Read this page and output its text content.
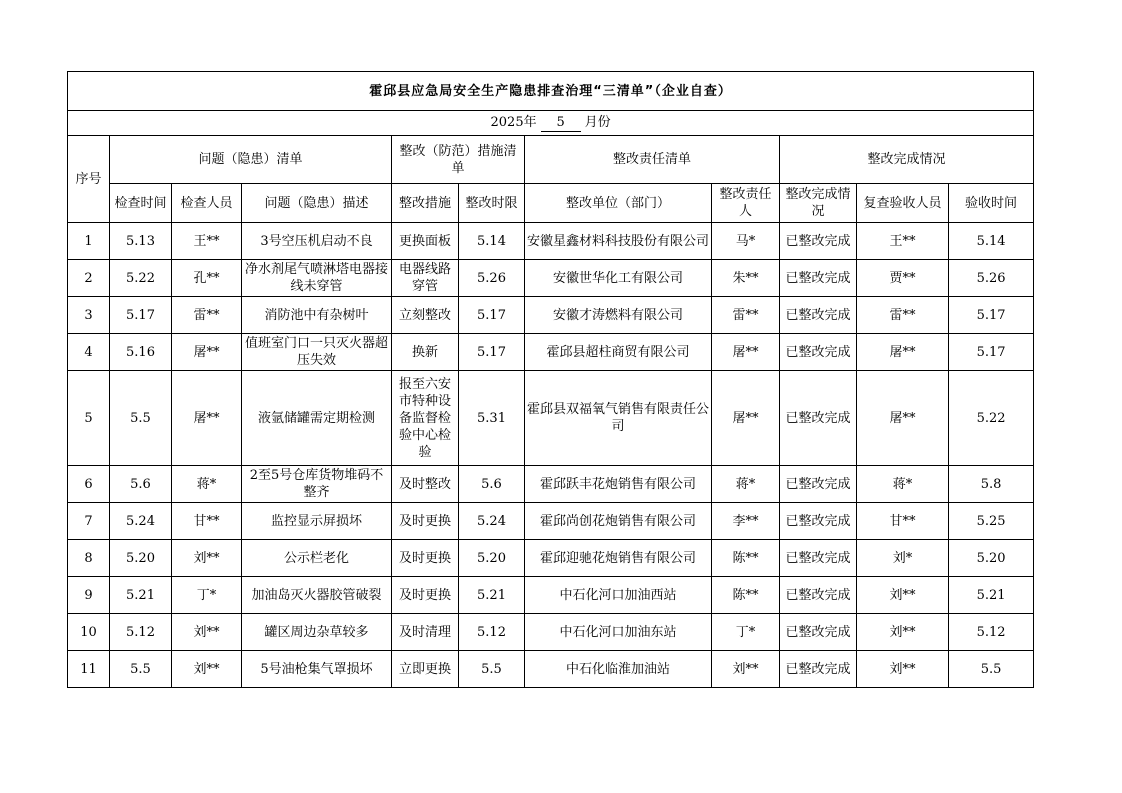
霍邱县应急局安全生产隐患排查治理“三清单”（企业自查）										
2025年 5 月份										
序号	问题（隐患）清单			整改（防范）措施清单		整改责任清单		整改完成情况		
	检查时间	检查人员	问题（隐患）描述	整改措施	整改时限	整改单位（部门）	整改责任人	整改完成情况	复查验收人员	验收时间
1	5.13	王**	3号空压机启动不良	更换面板	5.14	安徽星鑫材料科技股份有限公司	马*	已整改完成	王**	5.14
2	5.22	孔**	净水剂尾气喷淋塔电器接线未穿管	电器线路穿管	5.26	安徽世华化工有限公司	朱**	已整改完成	贾**	5.26
3	5.17	雷**	消防池中有杂树叶	立刻整改	5.17	安徽才涛燃料有限公司	雷**	已整改完成	雷**	5.17
4	5.16	屠**	值班室门口一只灭火器超压失效	换新	5.17	霍邱县超柱商贸有限公司	屠**	已整改完成	屠**	5.17
5	5.5	屠**	液氩储罐需定期检测	报至六安市特种设备监督检验中心检验	5.31	霍邱县双福氧气销售有限责任公司	屠**	已整改完成	屠**	5.22
6	5.6	蒋*	2至5号仓库货物堆码不整齐	及时整改	5.6	霍邱跃丰花炮销售有限公司	蒋*	已整改完成	蒋*	5.8
7	5.24	甘**	监控显示屏损坏	及时更换	5.24	霍邱尚创花炮销售有限公司	李**	已整改完成	甘**	5.25
8	5.20	刘**	公示栏老化	及时更换	5.20	霍邱迎驰花炮销售有限公司	陈**	已整改完成	刘*	5.20
9	5.21	丁*	加油岛灭火器胶管破裂	及时更换	5.21	中石化河口加油西站	陈**	已整改完成	刘**	5.21
10	5.12	刘**	罐区周边杂草较多	及时清理	5.12	中石化河口加油东站	丁*	已整改完成	刘**	5.12
11	5.5	刘**	5号油枪集气罩损坏	立即更换	5.5	中石化临淮加油站	刘**	已整改完成	刘**	5.5
